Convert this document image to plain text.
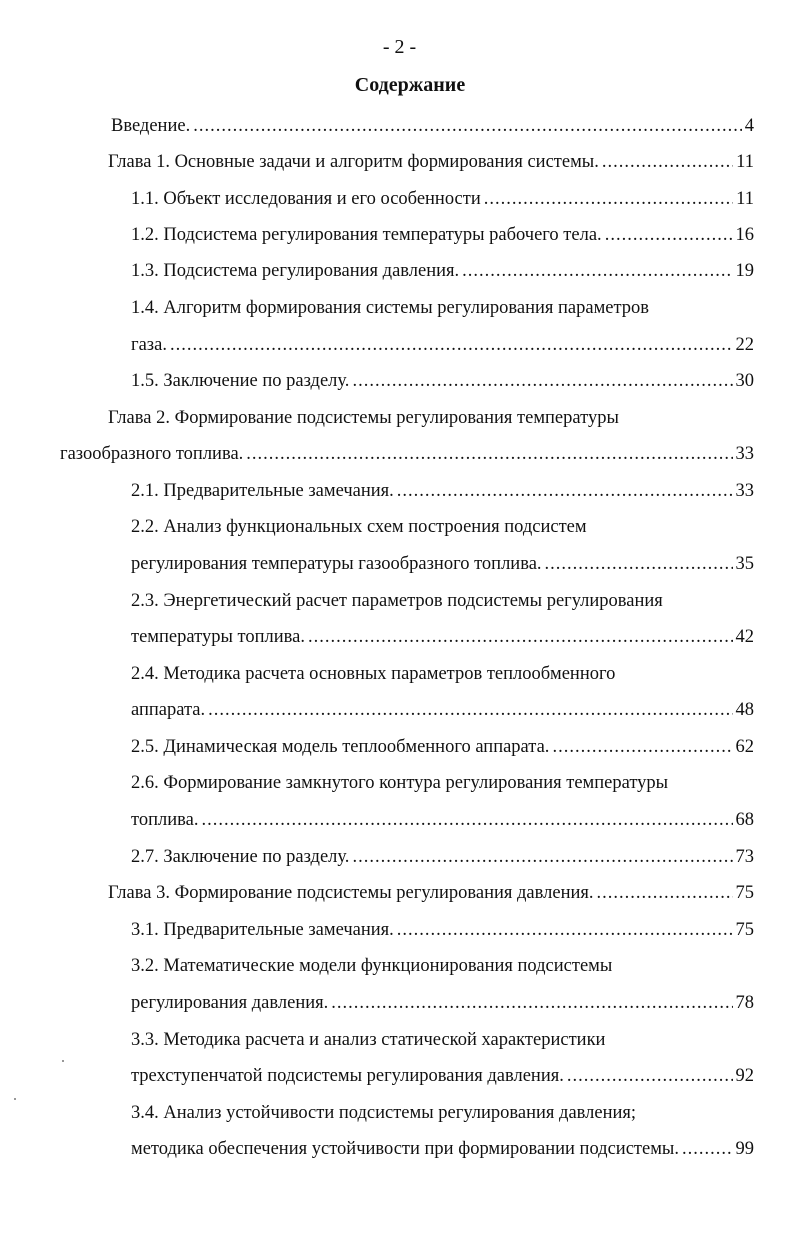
- 2 -
Содержание
Введение. .....	4
Глава 1. Основные задачи и алгоритм формирования системы. .....	11
1.1. Объект исследования и его особенности .....	11
1.2. Подсистема регулирования температуры рабочего тела. .....	16
1.3. Подсистема регулирования давления. .....	19
1.4. Алгоритм формирования системы регулирования параметров
газа. .....	22
1.5. Заключение по разделу. .....	30
Глава 2. Формирование подсистемы регулирования температуры
газообразного топлива. .....	33
2.1. Предварительные замечания. .....	33
2.2. Анализ функциональных схем построения подсистем
регулирования температуры газообразного топлива. .....	35
2.3. Энергетический расчет параметров подсистемы регулирования
температуры топлива. .....	42
2.4. Методика расчета основных параметров теплообменного
аппарата. .....	48
2.5. Динамическая модель теплообменного аппарата. .....	62
2.6. Формирование замкнутого контура регулирования температуры
топлива. .....	68
2.7. Заключение по разделу. .....	73
Глава 3. Формирование подсистемы регулирования давления. .....	75
3.1. Предварительные замечания. .....	75
3.2. Математические модели функционирования подсистемы
регулирования давления. .....	78
3.3. Методика расчета и анализ статической характеристики
трехступенчатой подсистемы регулирования давления. .....	92
3.4. Анализ устойчивости подсистемы регулирования давления;
методика обеспечения устойчивости при формировании подсистемы. .....	99
